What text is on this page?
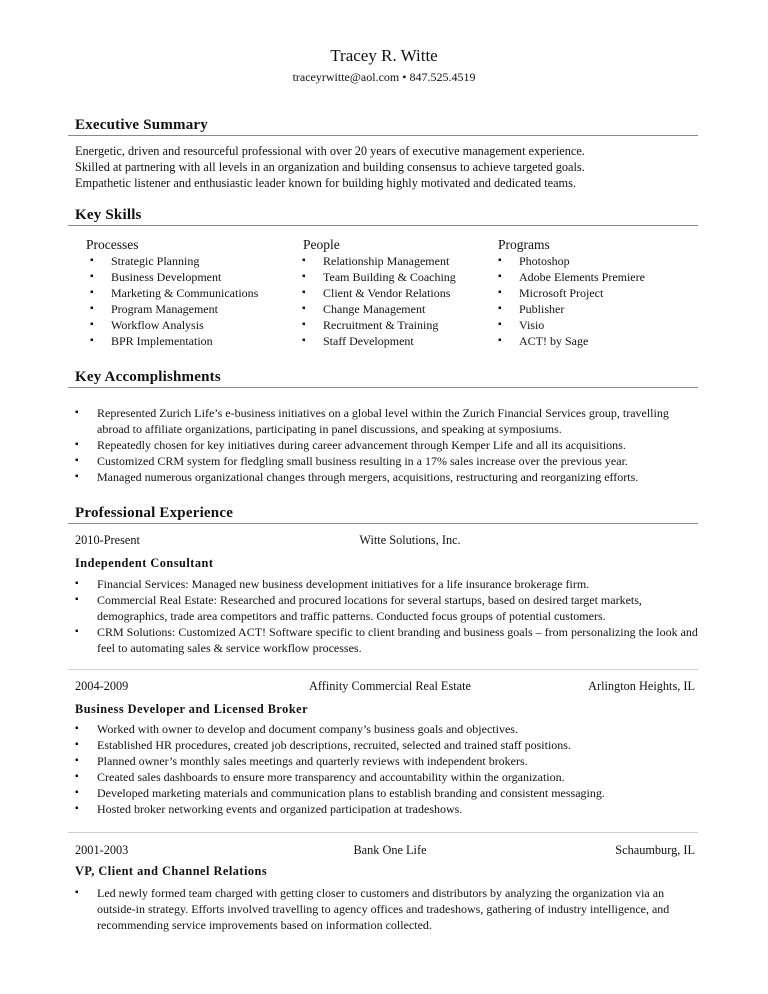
Tracey R. Witte
traceyrwitte@aol.com • 847.525.4519
Executive Summary
Energetic, driven and resourceful professional with over 20 years of executive management experience.
Skilled at partnering with all levels in an organization and building consensus to achieve targeted goals.
Empathetic listener and enthusiastic leader known for building highly motivated and dedicated teams.
Key Skills
Processes
▪ Strategic Planning
▪ Business Development
▪ Marketing & Communications
▪ Program Management
▪ Workflow Analysis
▪ BPR Implementation
People
▪ Relationship Management
▪ Team Building & Coaching
▪ Client & Vendor Relations
▪ Change Management
▪ Recruitment & Training
▪ Staff Development
Programs
▪ Photoshop
▪ Adobe Elements Premiere
▪ Microsoft Project
▪ Publisher
▪ Visio
▪ ACT! by Sage
Key Accomplishments
▪ Represented Zurich Life’s e-business initiatives on a global level within the Zurich Financial Services group, travelling abroad to affiliate organizations, participating in panel discussions, and speaking at symposiums.
▪ Repeatedly chosen for key initiatives during career advancement through Kemper Life and all its acquisitions.
▪ Customized CRM system for fledgling small business resulting in a 17% sales increase over the previous year.
▪ Managed numerous organizational changes through mergers, acquisitions, restructuring and reorganizing efforts.
Professional Experience
2010-Present	Witte Solutions, Inc.
Independent Consultant
▪ Financial Services: Managed new business development initiatives for a life insurance brokerage firm.
▪ Commercial Real Estate: Researched and procured locations for several startups, based on desired target markets, demographics, trade area competitors and traffic patterns. Conducted focus groups of potential customers.
▪ CRM Solutions: Customized ACT! Software specific to client branding and business goals – from personalizing the look and feel to automating sales & service workflow processes.
2004-2009	Affinity Commercial Real Estate	Arlington Heights, IL
Business Developer and Licensed Broker
▪ Worked with owner to develop and document company’s business goals and objectives.
▪ Established HR procedures, created job descriptions, recruited, selected and trained staff positions.
▪ Planned owner’s monthly sales meetings and quarterly reviews with independent brokers.
▪ Created sales dashboards to ensure more transparency and accountability within the organization.
▪ Developed marketing materials and communication plans to establish branding and consistent messaging.
▪ Hosted broker networking events and organized participation at tradeshows.
2001-2003	Bank One Life	Schaumburg, IL
VP, Client and Channel Relations
▪ Led newly formed team charged with getting closer to customers and distributors by analyzing the organization via an outside-in strategy. Efforts involved travelling to agency offices and tradeshows, gathering of industry intelligence, and recommending service improvements based on information collected.
